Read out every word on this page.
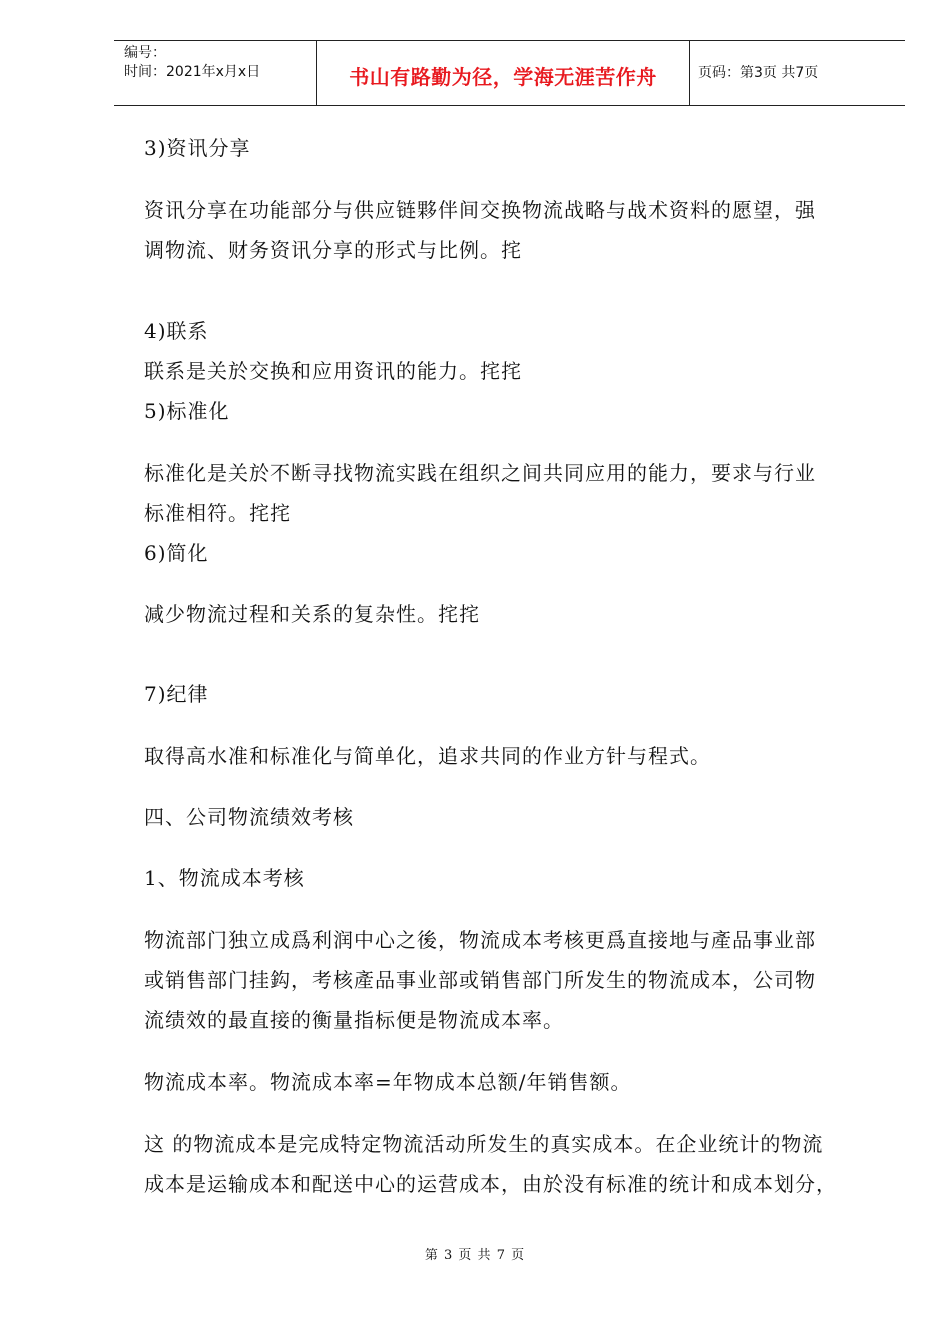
编号：
时间：2021年x月x日	书山有路勤为径，学海无涯苦作舟	页码：第3页 共7页
3)资讯分享
资讯分享在功能部分与供应链夥伴间交换物流战略与战术资料的愿望，强
调物流、财务资讯分享的形式与比例。挓
4)联系
联系是关於交换和应用资讯的能力。挓挓
5)标准化
标准化是关於不断寻找物流实践在组织之间共同应用的能力，要求与行业
标准相符。挓挓
6)简化
减少物流过程和关系的复杂性。挓挓
7)纪律
取得高水准和标准化与简单化，追求共同的作业方针与程式。
四、公司物流绩效考核
1、物流成本考核
物流部门独立成爲利润中心之後，物流成本考核更爲直接地与產品事业部
或销售部门挂鈎，考核產品事业部或销售部门所发生的物流成本，公司物
流绩效的最直接的衡量指标便是物流成本率。
物流成本率。物流成本率=年物成本总额/年销售额。
这 的物流成本是完成特定物流活动所发生的真实成本。在企业统计的物流
成本是运输成本和配送中心的运营成本，由於没有标准的统计和成本划分，
第 3 页 共 7 页
